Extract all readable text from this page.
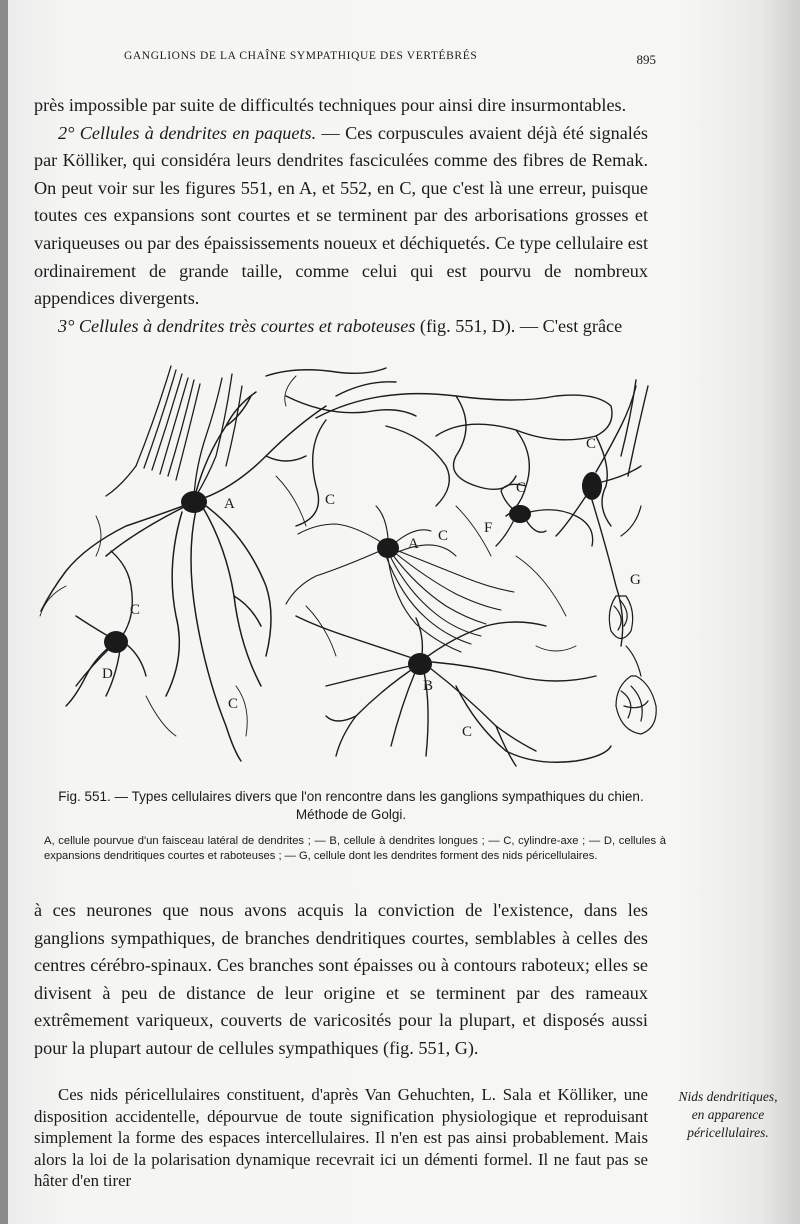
GANGLIONS DE LA CHAÎNE SYMPATHIQUE DES VERTÉBRÉS	895

près impossible par suite de difficultés techniques pour ainsi dire insurmontables.

2° Cellules à dendrites en paquets. — Ces corpuscules avaient déjà été signalés par Kölliker, qui considéra leurs dendrites fasciculées comme des fibres de Remak. On peut voir sur les figures 551, en A, et 552, en C, que c'est là une erreur, puisque toutes ces expansions sont courtes et se terminent par des arborisations grosses et variqueuses ou par des épaississements noueux et déchiquetés. Ce type cellulaire est ordinairement de grande taille, comme celui qui est pourvu de nombreux appendices divergents.

3° Cellules à dendrites très courtes et raboteuses (fig. 551, D). — C'est grâce

A
A
B
C
C
C
C
C
C
C
D
F
G
Fig. 551. — Types cellulaires divers que l'on rencontre dans les ganglions sympathiques du chien. Méthode de Golgi.
A, cellule pourvue d'un faisceau latéral de dendrites ; — B, cellule à dendrites longues ; — C, cylindre-axe ; — D, cellules à expansions dendritiques courtes et raboteuses ; — G, cellule dont les dendrites forment des nids péricellulaires.

à ces neurones que nous avons acquis la conviction de l'existence, dans les ganglions sympathiques, de branches dendritiques courtes, semblables à celles des centres cérébro-spinaux. Ces branches sont épaisses ou à contours raboteux; elles se divisent à peu de distance de leur origine et se terminent par des rameaux extrêmement variqueux, couverts de varicosités pour la plupart, et disposés aussi pour la plupart autour de cellules sympathiques (fig. 551, G).

Ces nids péricellulaires constituent, d'après Van Gehuchten, L. Sala et Kölliker, une disposition accidentelle, dépourvue de toute signification physiologique et reproduisant simplement la forme des espaces intercellulaires. Il n'en est pas ainsi probablement. Mais alors la loi de la polarisation dynamique recevrait ici un démenti formel. Il ne faut pas se hâter d'en tirer

Nids dendritiques, en apparence péricellulaires.
